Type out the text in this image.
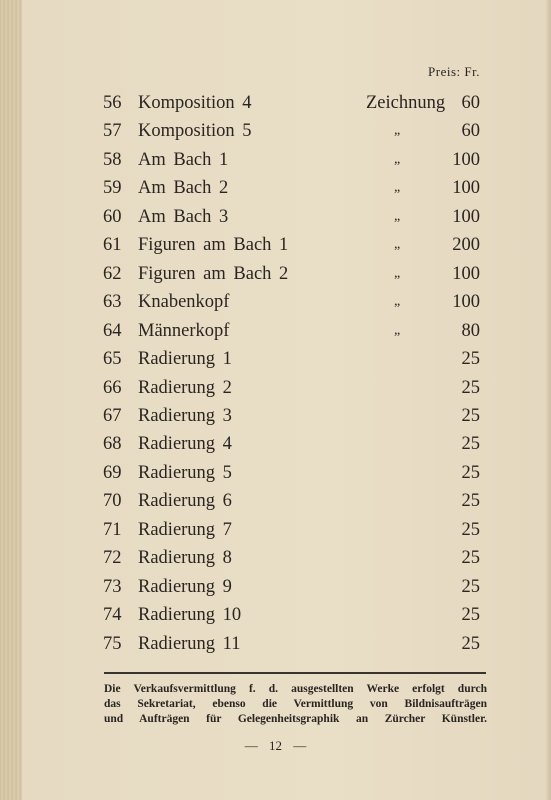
Preis: Fr.
56 Komposition 4	Zeichnung 60
57 Komposition 5	„	60
58 Am Bach 1	„	100
59 Am Bach 2	„	100
60 Am Bach 3	„	100
61 Figuren am Bach 1	„	200
62 Figuren am Bach 2	„	100
63 Knabenkopf	„	100
64 Männerkopf	„	80
65 Radierung 1	25
66 Radierung 2	25
67 Radierung 3	25
68 Radierung 4	25
69 Radierung 5	25
70 Radierung 6	25
71 Radierung 7	25
72 Radierung 8	25
73 Radierung 9	25
74 Radierung 10	25
75 Radierung 11	25
Die Verkaufsvermittlung f. d. ausgestellten Werke erfolgt durch
das Sekretariat, ebenso die Vermittlung von Bildnisaufträgen
und Aufträgen für Gelegenheitsgraphik an Zürcher Künstler.
— 12 —
